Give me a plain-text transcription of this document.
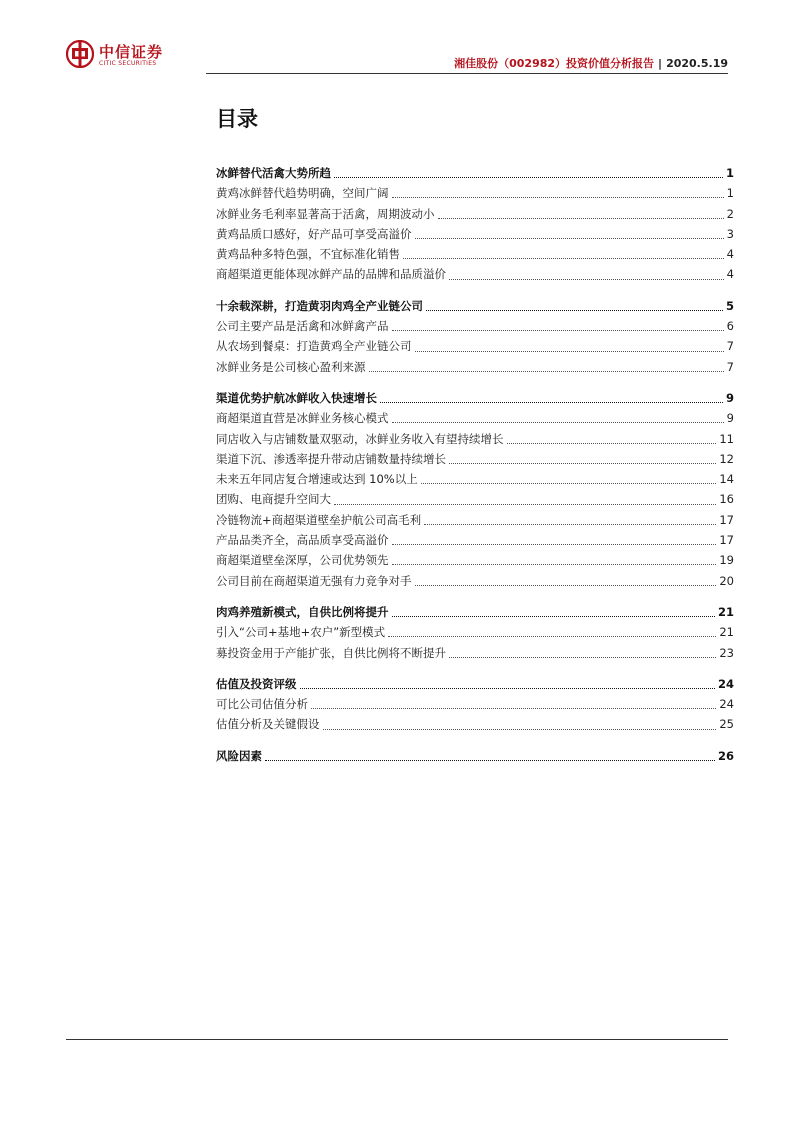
中信证券
CITIC SECURITIES	湘佳股份（002982）投资价值分析报告 | 2020.5.19
目录
冰鲜替代活禽大势所趋	1
黄鸡冰鲜替代趋势明确，空间广阔	1
冰鲜业务毛利率显著高于活禽，周期波动小	2
黄鸡品质口感好，好产品可享受高溢价	3
黄鸡品种多特色强，不宜标准化销售	4
商超渠道更能体现冰鲜产品的品牌和品质溢价	4
十余载深耕，打造黄羽肉鸡全产业链公司	5
公司主要产品是活禽和冰鲜禽产品	6
从农场到餐桌：打造黄鸡全产业链公司	7
冰鲜业务是公司核心盈利来源	7
渠道优势护航冰鲜收入快速增长	9
商超渠道直营是冰鲜业务核心模式	9
同店收入与店铺数量双驱动，冰鲜业务收入有望持续增长	11
渠道下沉、渗透率提升带动店铺数量持续增长	12
未来五年同店复合增速或达到 10%以上	14
团购、电商提升空间大	16
冷链物流+商超渠道壁垒护航公司高毛利	17
产品品类齐全，高品质享受高溢价	17
商超渠道壁垒深厚，公司优势领先	19
公司目前在商超渠道无强有力竞争对手	20
肉鸡养殖新模式，自供比例将提升	21
引入“公司+基地+农户”新型模式	21
募投资金用于产能扩张，自供比例将不断提升	23
估值及投资评级	24
可比公司估值分析	24
估值分析及关键假设	25
风险因素	26
